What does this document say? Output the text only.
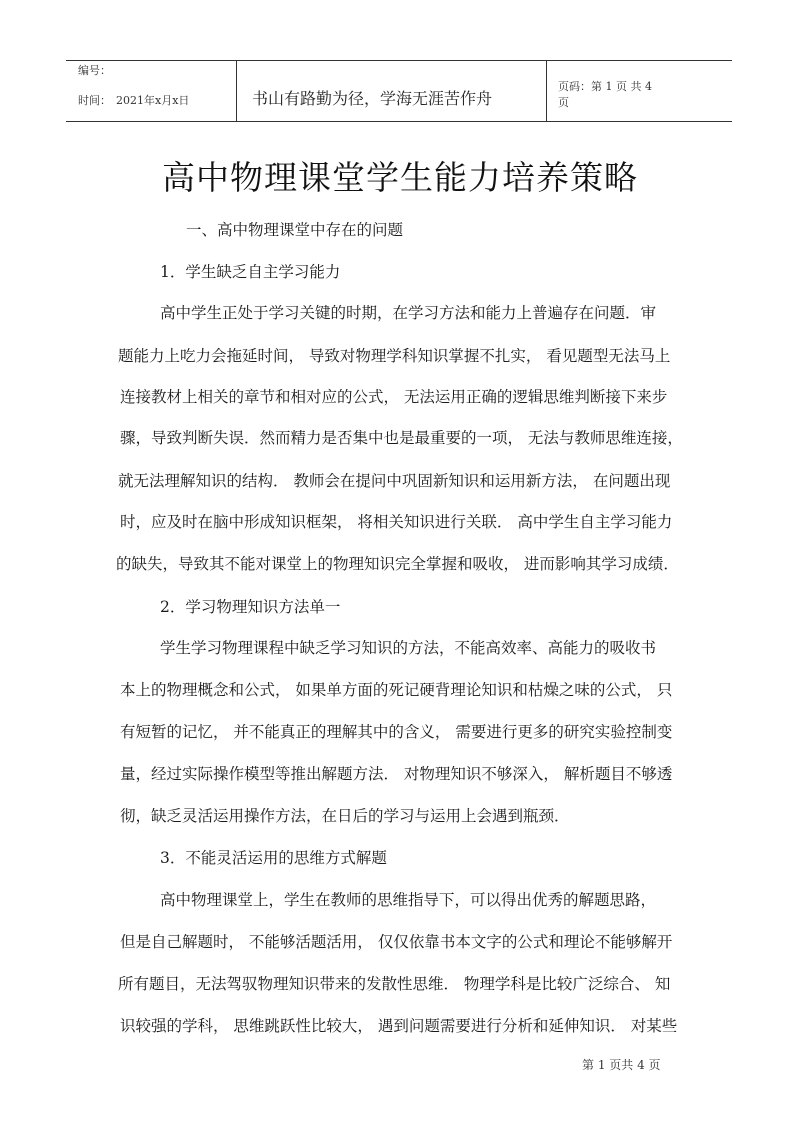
编号：
时间： 2021年x月x日	书山有路勤为径，学海无涯苦作舟
页码：第 1 页 共 4
页
高中物理课堂学生能力培养策略
一、高中物理课堂中存在的问题
1．学生缺乏自主学习能力
高中学生正处于学习关键的时期，在学习方法和能力上普遍存在问题．审
题能力上吃力会拖延时间， 导致对物理学科知识掌握不扎实， 看见题型无法马上
连接教材上相关的章节和相对应的公式， 无法运用正确的逻辑思维判断接下来步
骤，导致判断失误．然而精力是否集中也是最重要的一项， 无法与教师思维连接，
就无法理解知识的结构． 教师会在提问中巩固新知识和运用新方法， 在问题出现
时，应及时在脑中形成知识框架， 将相关知识进行关联． 高中学生自主学习能力
的缺失，导致其不能对课堂上的物理知识完全掌握和吸收， 进而影响其学习成绩．
2．学习物理知识方法单一
学生学习物理课程中缺乏学习知识的方法，不能高效率、高能力的吸收书
本上的物理概念和公式， 如果单方面的死记硬背理论知识和枯燥之味的公式， 只
有短暂的记忆， 并不能真正的理解其中的含义， 需要进行更多的研究实验控制变
量，经过实际操作模型等推出解题方法． 对物理知识不够深入， 解析题目不够透
彻，缺乏灵活运用操作方法，在日后的学习与运用上会遇到瓶颈．
3．不能灵活运用的思维方式解题
高中物理课堂上，学生在教师的思维指导下，可以得出优秀的解题思路，
但是自己解题时， 不能够活题活用， 仅仅依靠书本文字的公式和理论不能够解开
所有题目，无法驾驭物理知识带来的发散性思维． 物理学科是比较广泛综合、 知
识较强的学科， 思维跳跃性比较大， 遇到问题需要进行分析和延伸知识． 对某些
第 1 页共 4 页
